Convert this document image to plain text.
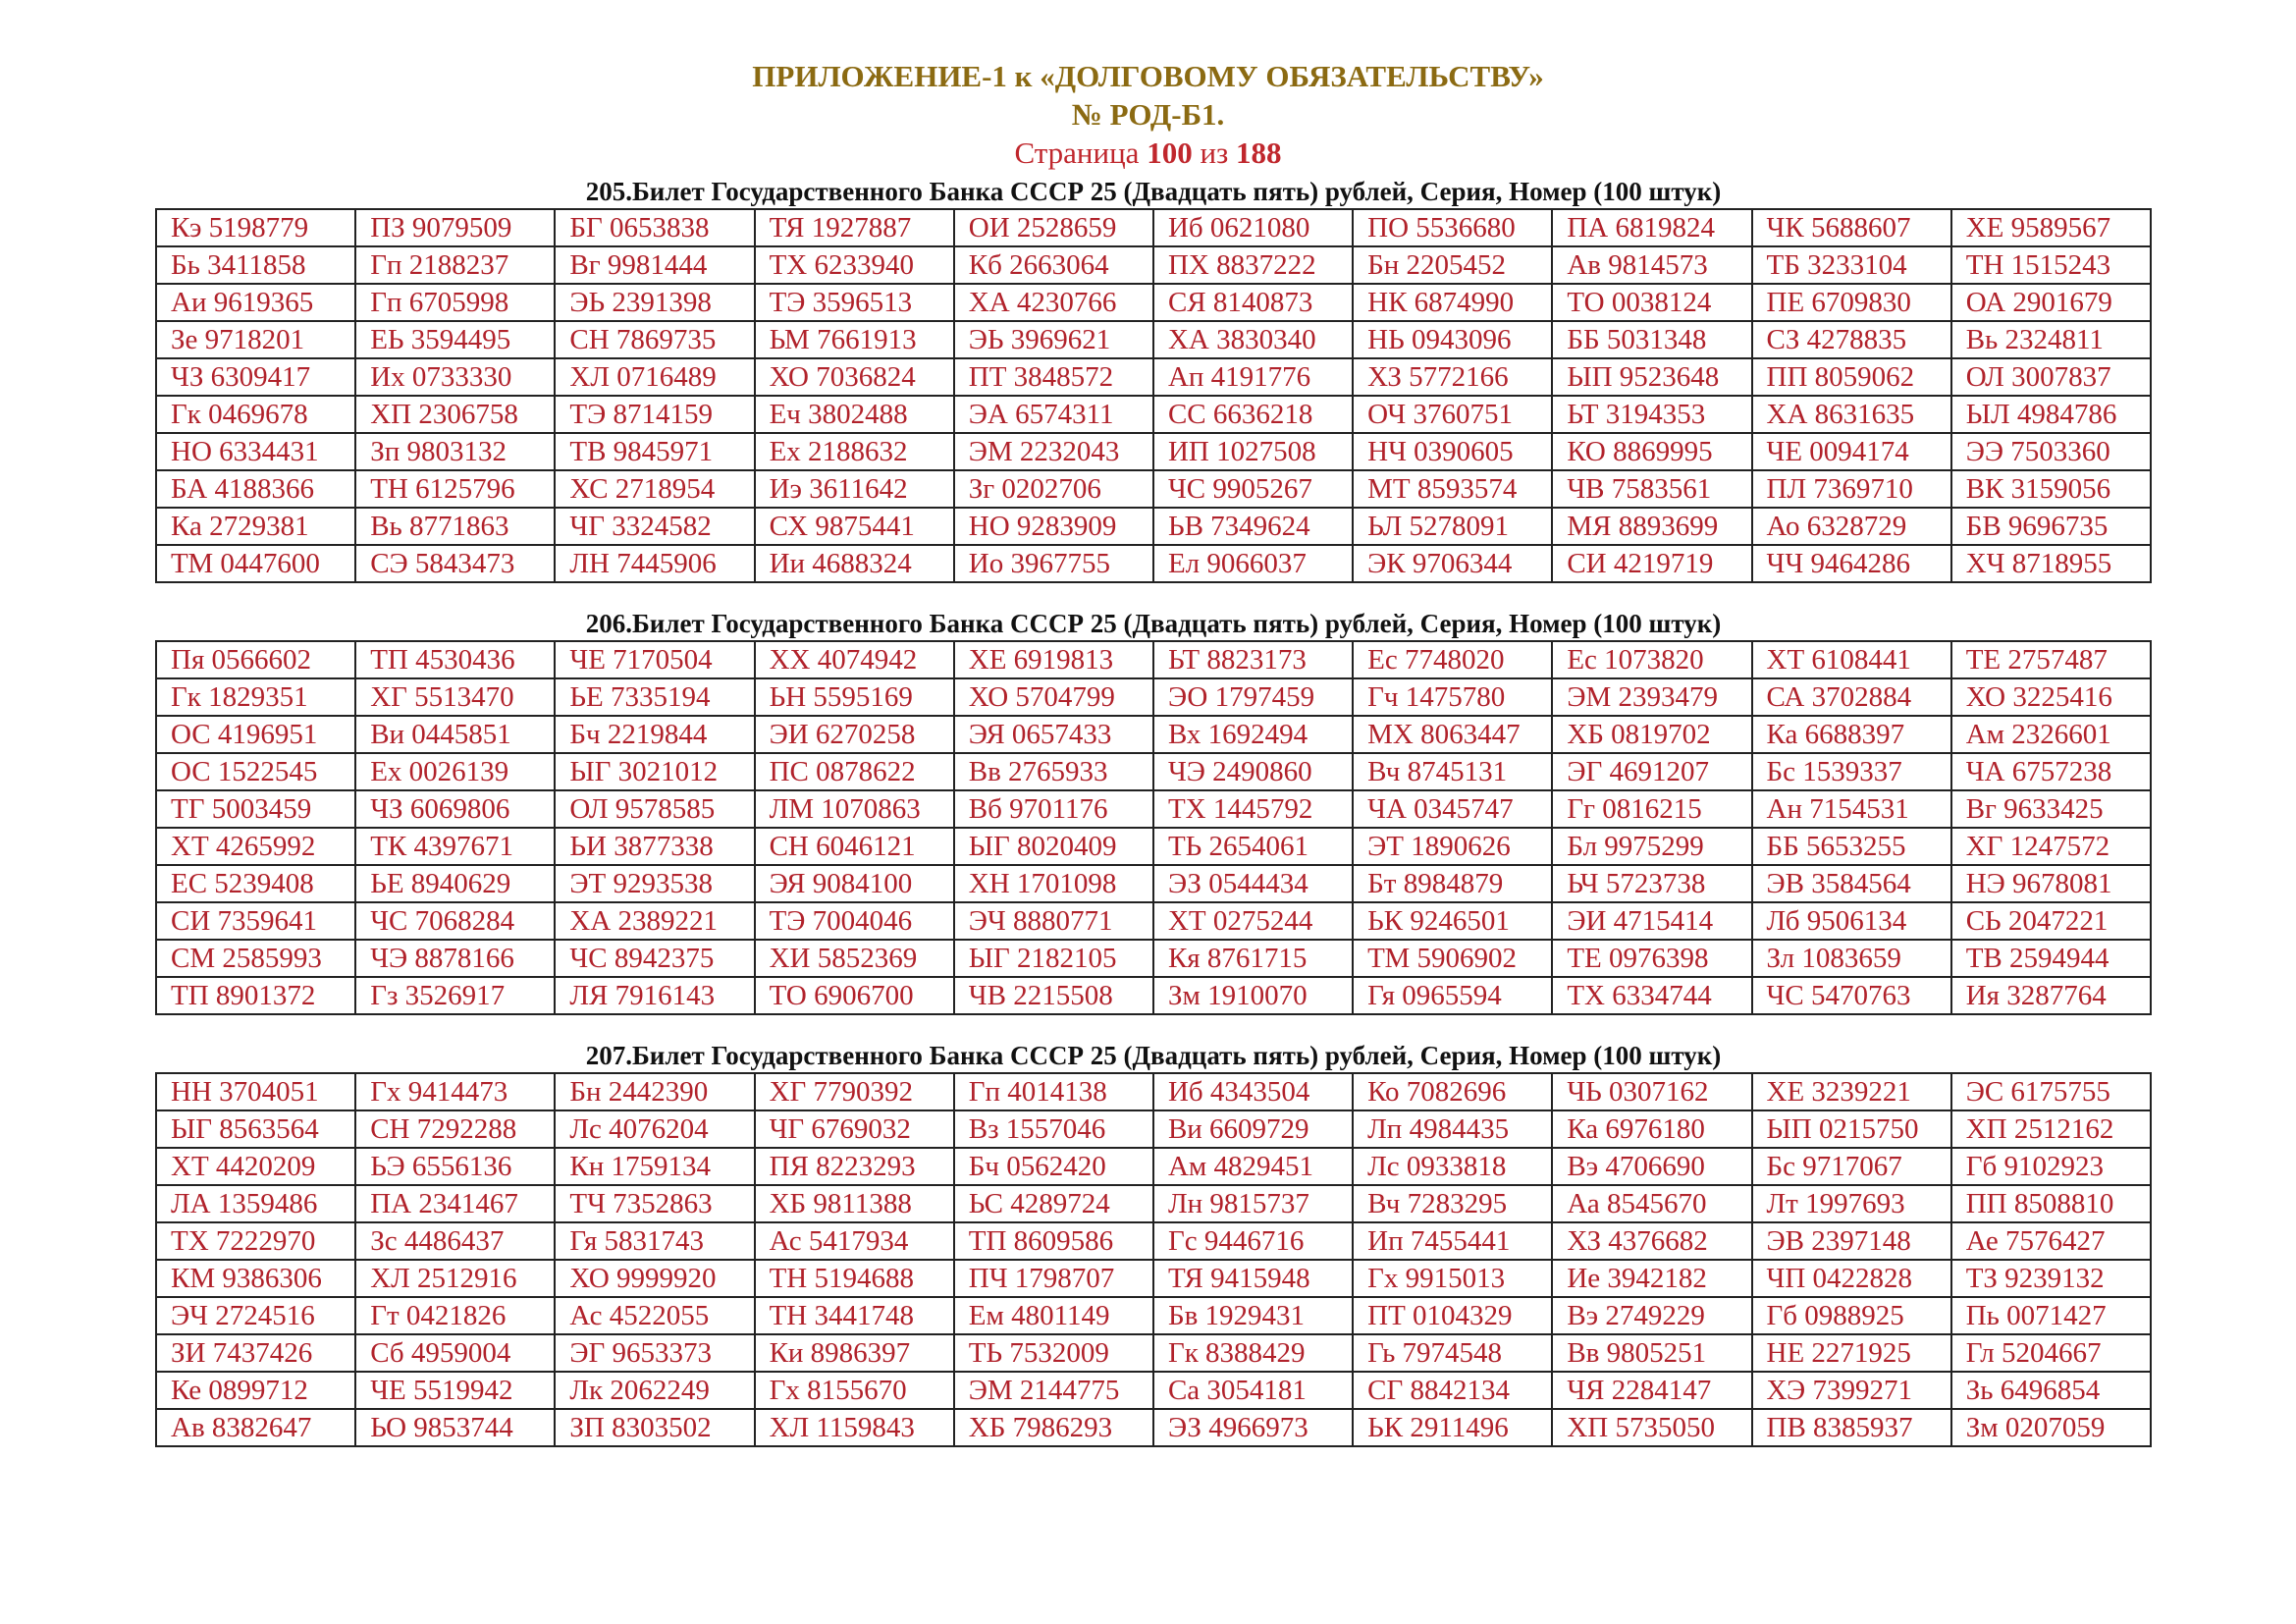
ПРИЛОЖЕНИЕ-1 к «ДОЛГОВОМУ ОБЯЗАТЕЛЬСТВУ»
№ РОД-Б1.
Страница 100 из 188
205.Билет Государственного Банка СССР 25 (Двадцать пять) рублей, Серия, Номер (100 штук)
Кэ 5198779	ПЗ 9079509	БГ 0653838	ТЯ 1927887	ОИ 2528659	Иб 0621080	ПО 5536680	ПА 6819824	ЧК 5688607	ХЕ 9589567
Бь 3411858	Гп 2188237	Вг 9981444	ТХ 6233940	Кб 2663064	ПХ 8837222	Бн 2205452	Ав 9814573	ТБ 3233104	ТН 1515243
Аи 9619365	Гп 6705998	ЭЬ 2391398	ТЭ 3596513	ХА 4230766	СЯ 8140873	НК 6874990	ТО 0038124	ПЕ 6709830	ОА 2901679
Зе 9718201	ЕЬ 3594495	СН 7869735	ЬМ 7661913	ЭЬ 3969621	ХА 3830340	НЬ 0943096	ББ 5031348	СЗ 4278835	Вь 2324811
ЧЗ 6309417	Их 0733330	ХЛ 0716489	ХО 7036824	ПТ 3848572	Ап 4191776	ХЗ 5772166	ЫП 9523648	ПП 8059062	ОЛ 3007837
Гк 0469678	ХП 2306758	ТЭ 8714159	Еч 3802488	ЭА 6574311	СС 6636218	ОЧ 3760751	ЬТ 3194353	ХА 8631635	ЫЛ 4984786
НО 6334431	Зп 9803132	ТВ 9845971	Ех 2188632	ЭМ 2232043	ИП 1027508	НЧ 0390605	КО 8869995	ЧЕ 0094174	ЭЭ 7503360
БА 4188366	ТН 6125796	ХС 2718954	Иэ 3611642	Зг 0202706	ЧС 9905267	МТ 8593574	ЧВ 7583561	ПЛ 7369710	ВК 3159056
Ка 2729381	Вь 8771863	ЧГ 3324582	СХ 9875441	НО 9283909	ЬВ 7349624	ЬЛ 5278091	МЯ 8893699	Ао 6328729	БВ 9696735
ТМ 0447600	СЭ 5843473	ЛН 7445906	Ии 4688324	Ио 3967755	Ел 9066037	ЭК 9706344	СИ 4219719	ЧЧ 9464286	ХЧ 8718955
206.Билет Государственного Банка СССР 25 (Двадцать пять) рублей, Серия, Номер (100 штук)
Пя 0566602	ТП 4530436	ЧЕ 7170504	ХХ 4074942	ХЕ 6919813	ЬТ 8823173	Ес 7748020	Ес 1073820	ХТ 6108441	ТЕ 2757487
Гк 1829351	ХГ 5513470	ЬЕ 7335194	ЬН 5595169	ХО 5704799	ЭО 1797459	Гч 1475780	ЭМ 2393479	СА 3702884	ХО 3225416
ОС 4196951	Ви 0445851	Бч 2219844	ЭИ 6270258	ЭЯ 0657433	Вх 1692494	МХ 8063447	ХБ 0819702	Ка 6688397	Ам 2326601
ОС 1522545	Ех 0026139	ЫГ 3021012	ПС 0878622	Вв 2765933	ЧЭ 2490860	Вч 8745131	ЭГ 4691207	Бс 1539337	ЧА 6757238
ТГ 5003459	ЧЗ 6069806	ОЛ 9578585	ЛМ 1070863	Вб 9701176	ТХ 1445792	ЧА 0345747	Гг 0816215	Ан 7154531	Вг 9633425
ХТ 4265992	ТК 4397671	ЬИ 3877338	СН 6046121	ЫГ 8020409	ТЬ 2654061	ЭТ 1890626	Бл 9975299	ББ 5653255	ХГ 1247572
ЕС 5239408	ЬЕ 8940629	ЭТ 9293538	ЭЯ 9084100	ХН 1701098	ЭЗ 0544434	Бт 8984879	ЬЧ 5723738	ЭВ 3584564	НЭ 9678081
СИ 7359641	ЧС 7068284	ХА 2389221	ТЭ 7004046	ЭЧ 8880771	ХТ 0275244	ЬК 9246501	ЭИ 4715414	Лб 9506134	СЬ 2047221
СМ 2585993	ЧЭ 8878166	ЧС 8942375	ХИ 5852369	ЫГ 2182105	Кя 8761715	ТМ 5906902	ТЕ 0976398	Зл 1083659	ТВ 2594944
ТП 8901372	Гз 3526917	ЛЯ 7916143	ТО 6906700	ЧВ 2215508	Зм 1910070	Гя 0965594	ТХ 6334744	ЧС 5470763	Ия 3287764
207.Билет Государственного Банка СССР 25 (Двадцать пять) рублей, Серия, Номер (100 штук)
НН 3704051	Гх 9414473	Бн 2442390	ХГ 7790392	Гп 4014138	Иб 4343504	Ко 7082696	ЧЬ 0307162	ХЕ 3239221	ЭС 6175755
ЫГ 8563564	СН 7292288	Лс 4076204	ЧГ 6769032	Вз 1557046	Ви 6609729	Лп 4984435	Ка 6976180	ЫП 0215750	ХП 2512162
ХТ 4420209	ЬЭ 6556136	Кн 1759134	ПЯ 8223293	Бч 0562420	Ам 4829451	Лс 0933818	Вэ 4706690	Бс 9717067	Гб 9102923
ЛА 1359486	ПА 2341467	ТЧ 7352863	ХБ 9811388	ЬС 4289724	Лн 9815737	Вч 7283295	Аа 8545670	Лт 1997693	ПП 8508810
ТХ 7222970	Зс 4486437	Гя 5831743	Ас 5417934	ТП 8609586	Гс 9446716	Ип 7455441	ХЗ 4376682	ЭВ 2397148	Ае 7576427
КМ 9386306	ХЛ 2512916	ХО 9999920	ТН 5194688	ПЧ 1798707	ТЯ 9415948	Гх 9915013	Ие 3942182	ЧП 0422828	ТЗ 9239132
ЭЧ 2724516	Гт 0421826	Ас 4522055	ТН 3441748	Ем 4801149	Бв 1929431	ПТ 0104329	Вэ 2749229	Гб 0988925	Пь 0071427
ЗИ 7437426	Сб 4959004	ЭГ 9653373	Ки 8986397	ТЬ 7532009	Гк 8388429	Гь 7974548	Вв 9805251	НЕ 2271925	Гл 5204667
Ке 0899712	ЧЕ 5519942	Лк 2062249	Гх 8155670	ЭМ 2144775	Са 3054181	СГ 8842134	ЧЯ 2284147	ХЭ 7399271	Зь 6496854
Ав 8382647	ЬО 9853744	ЗП 8303502	ХЛ 1159843	ХБ 7986293	ЭЗ 4966973	ЬК 2911496	ХП 5735050	ПВ 8385937	Зм 0207059
